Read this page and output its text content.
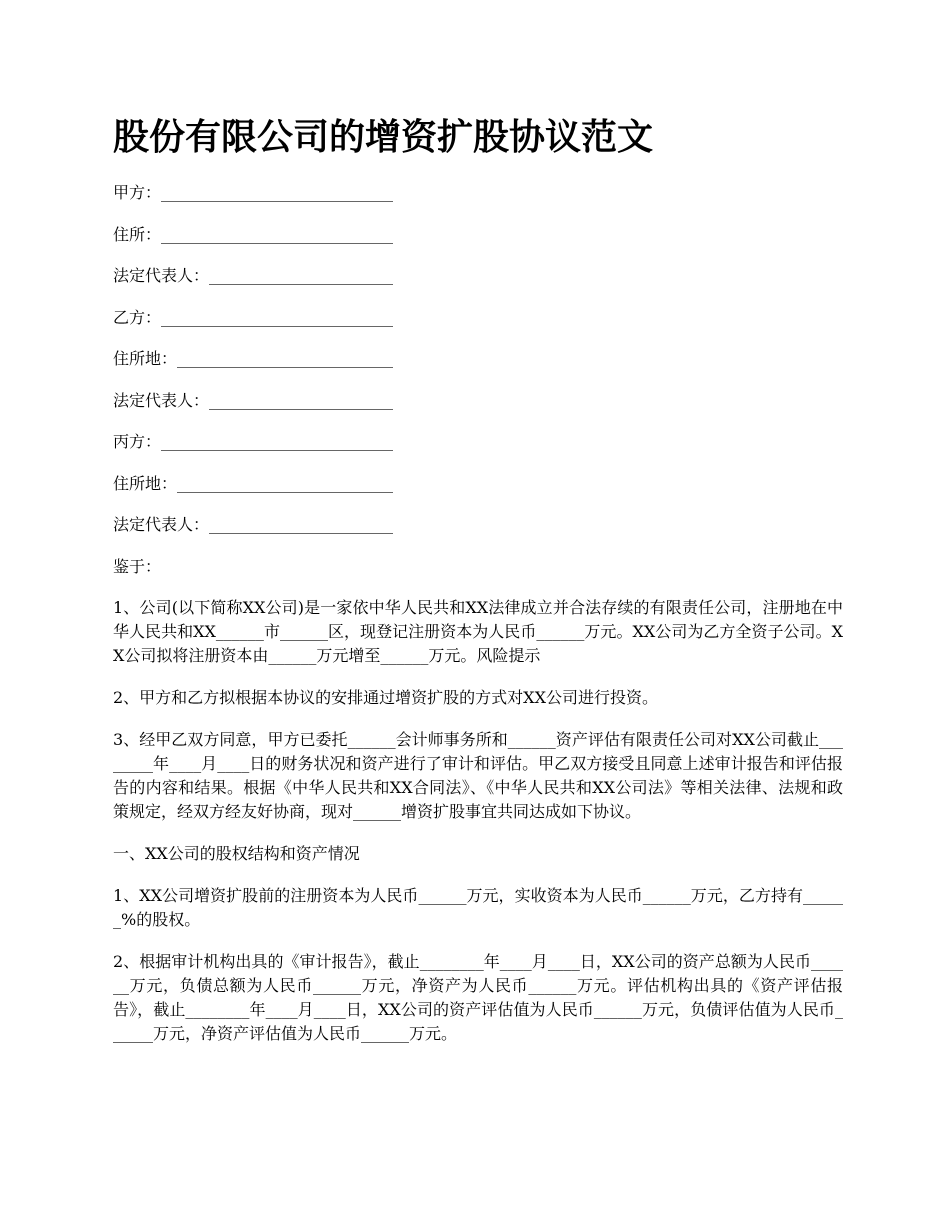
股份有限公司的增资扩股协议范文
甲方：_____________________________
住所：_____________________________
法定代表人：_______________________
乙方：_____________________________
住所地：___________________________
法定代表人：_______________________
丙方：_____________________________
住所地：___________________________
法定代表人：_______________________
鉴于：

1、公司(以下简称XX公司)是一家依中华人民共和XX法律成立并合法存续的有限责任公司，注册地在中华人民共和XX______市______区，现登记注册资本为人民币______万元。XX公司为乙方全资子公司。XX公司拟将注册资本由______万元增至______万元。风险提示

2、甲方和乙方拟根据本协议的安排通过增资扩股的方式对XX公司进行投资。

3、经甲乙双方同意，甲方已委托______会计师事务所和______资产评估有限责任公司对XX公司截止________年____月____日的财务状况和资产进行了审计和评估。甲乙双方接受且同意上述审计报告和评估报告的内容和结果。根据《中华人民共和XX合同法》、《中华人民共和XX公司法》等相关法律、法规和政策规定，经双方经友好协商，现对______增资扩股事宜共同达成如下协议。

一、XX公司的股权结构和资产情况

1、XX公司增资扩股前的注册资本为人民币______万元，实收资本为人民币______万元，乙方持有______%的股权。

2、根据审计机构出具的《审计报告》，截止________年____月____日，XX公司的资产总额为人民币______万元，负债总额为人民币______万元，净资产为人民币______万元。评估机构出具的《资产评估报告》，截止________年____月____日，XX公司的资产评估值为人民币______万元，负债评估值为人民币______万元，净资产评估值为人民币______万元。
